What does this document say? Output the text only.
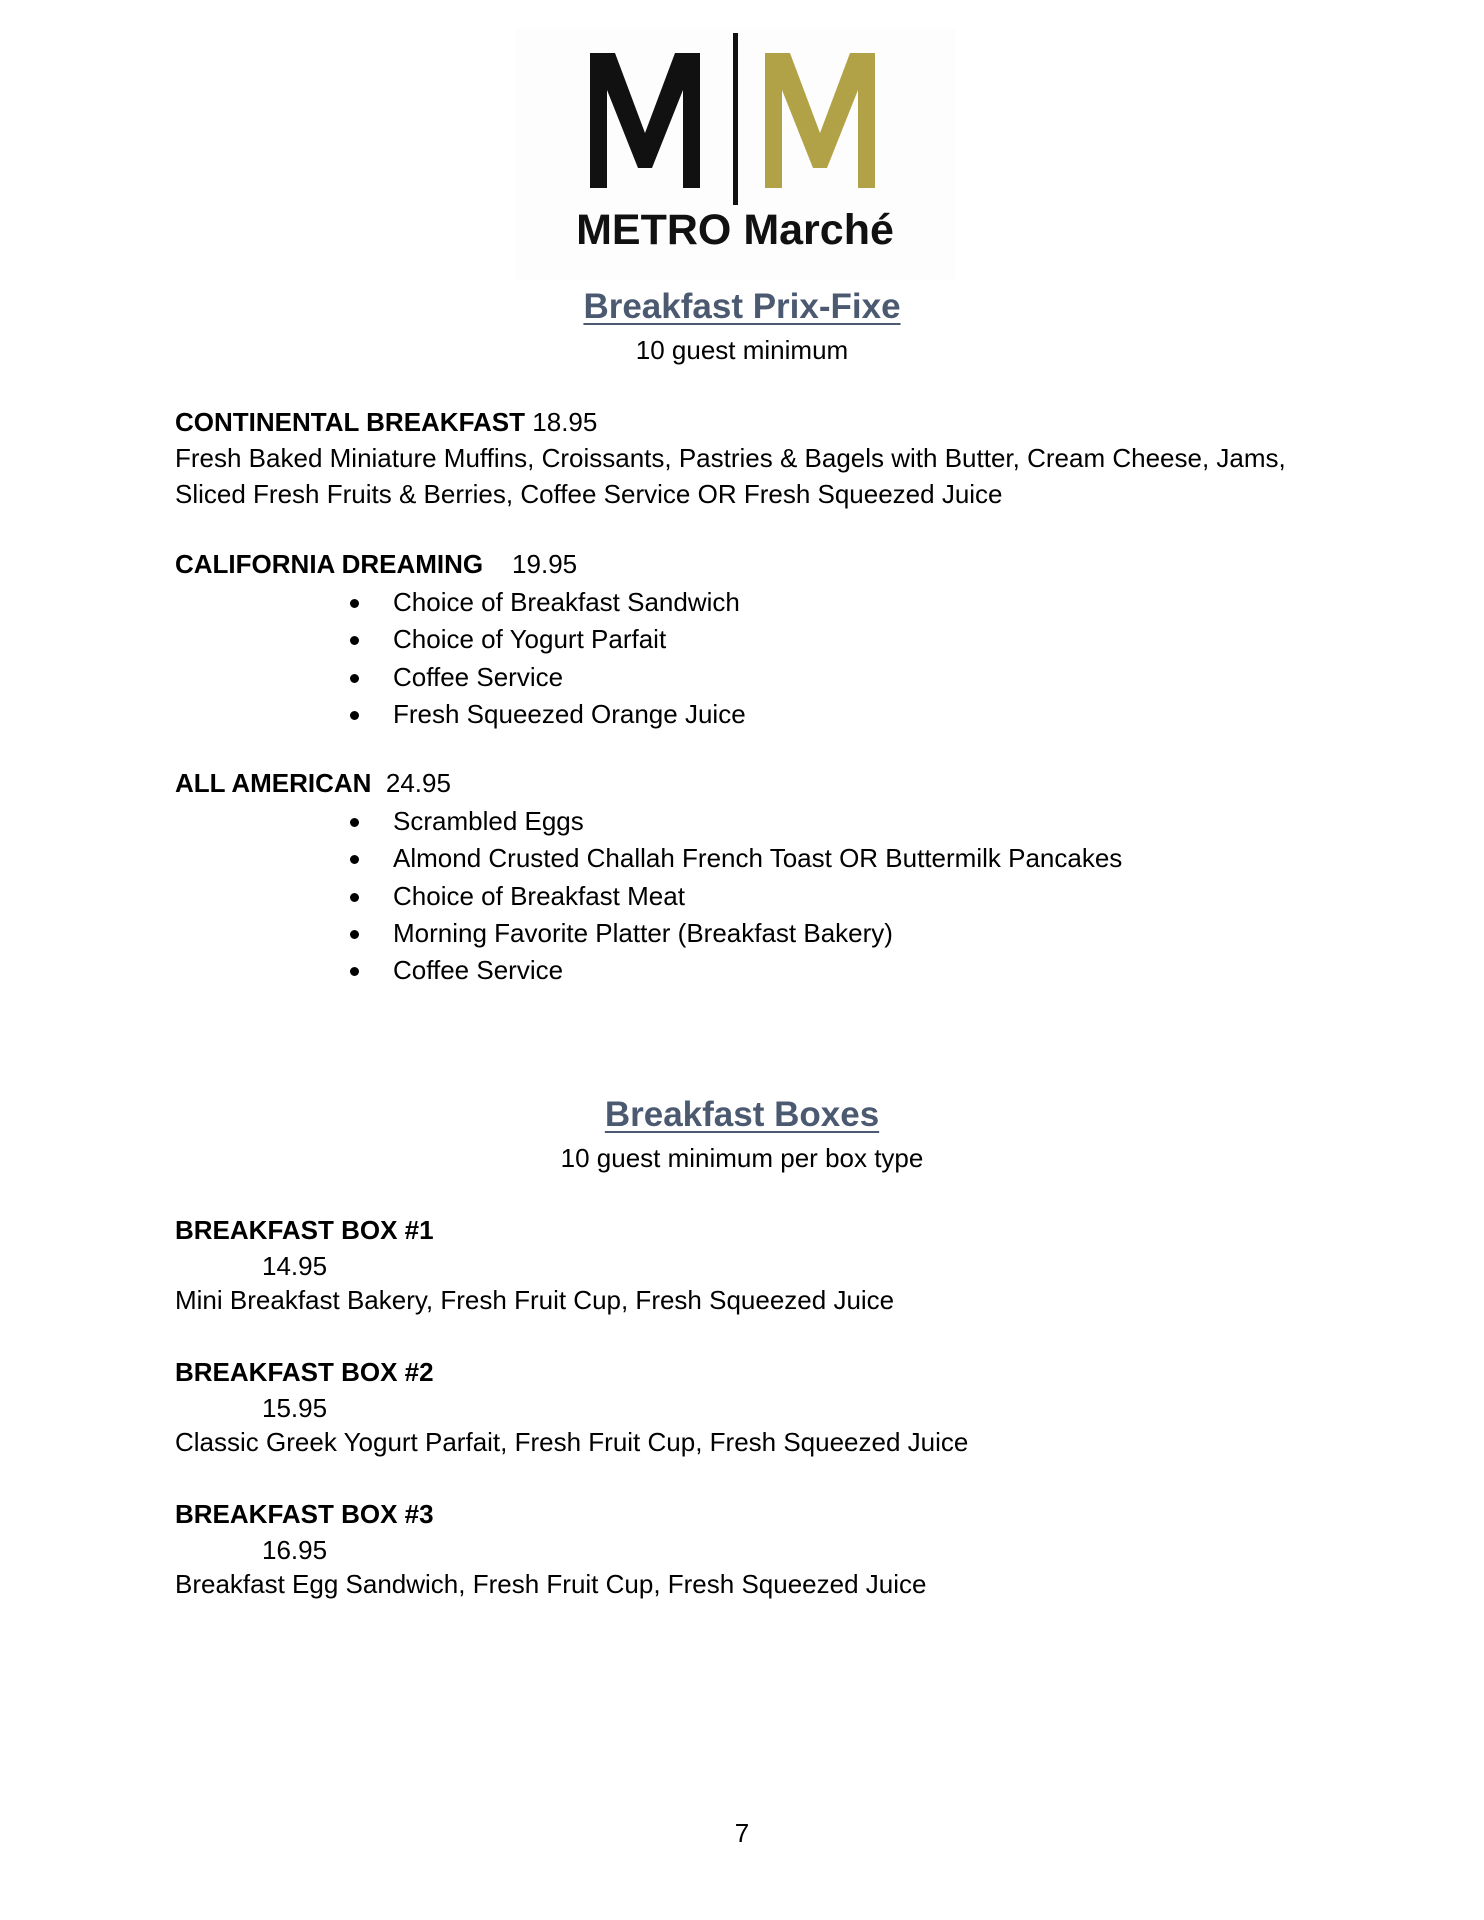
METRO Marché
Breakfast Prix-Fixe
10 guest minimum
CONTINENTAL BREAKFAST 18.95
Fresh Baked Miniature Muffins, Croissants, Pastries & Bagels with Butter, Cream Cheese, Jams, Sliced Fresh Fruits & Berries, Coffee Service OR Fresh Squeezed Juice
CALIFORNIA DREAMING 19.95
Choice of Breakfast Sandwich
Choice of Yogurt Parfait
Coffee Service
Fresh Squeezed Orange Juice
ALL AMERICAN 24.95
Scrambled Eggs
Almond Crusted Challah French Toast OR Buttermilk Pancakes
Choice of Breakfast Meat
Morning Favorite Platter (Breakfast Bakery)
Coffee Service
Breakfast Boxes
10 guest minimum per box type
BREAKFAST BOX #1
14.95
Mini Breakfast Bakery, Fresh Fruit Cup, Fresh Squeezed Juice
BREAKFAST BOX #2
15.95
Classic Greek Yogurt Parfait, Fresh Fruit Cup, Fresh Squeezed Juice
BREAKFAST BOX #3
16.95
Breakfast Egg Sandwich, Fresh Fruit Cup, Fresh Squeezed Juice
7
